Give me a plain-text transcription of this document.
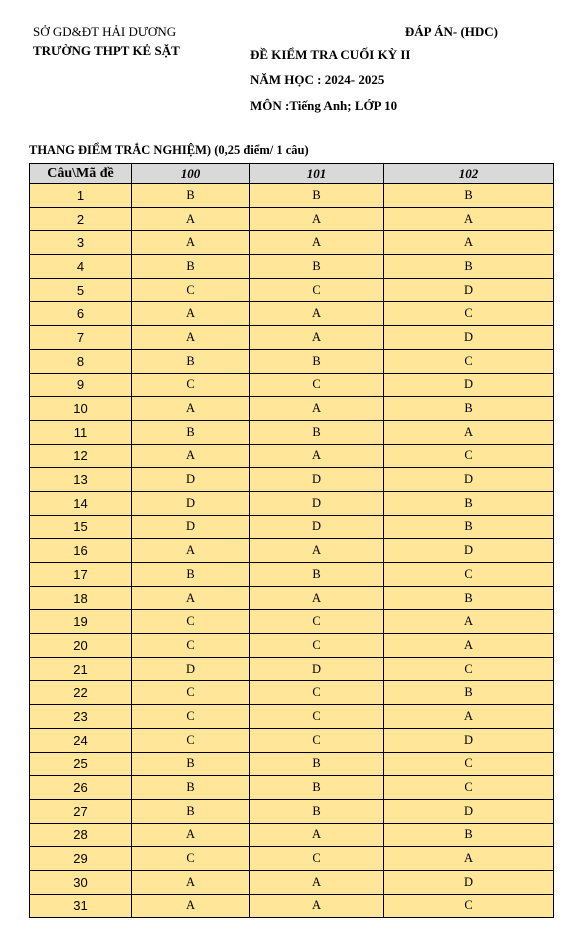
SỞ GD&ĐT HẢI DƯƠNG
TRƯỜNG THPT KẺ SẶT
ĐÁP ÁN- (HDC)
ĐỀ KIỂM TRA CUỐI KỲ II
NĂM HỌC : 2024- 2025
MÔN :Tiếng Anh; LỚP 10
THANG ĐIỂM TRẮC NGHIỆM) (0,25 điểm/ 1 câu)
Câu\Mã đề	100	101	102
1	B	B	B
2	A	A	A
3	A	A	A
4	B	B	B
5	C	C	D
6	A	A	C
7	A	A	D
8	B	B	C
9	C	C	D
10	A	A	B
11	B	B	A
12	A	A	C
13	D	D	D
14	D	D	B
15	D	D	B
16	A	A	D
17	B	B	C
18	A	A	B
19	C	C	A
20	C	C	A
21	D	D	C
22	C	C	B
23	C	C	A
24	C	C	D
25	B	B	C
26	B	B	C
27	B	B	D
28	A	A	B
29	C	C	A
30	A	A	D
31	A	A	C
